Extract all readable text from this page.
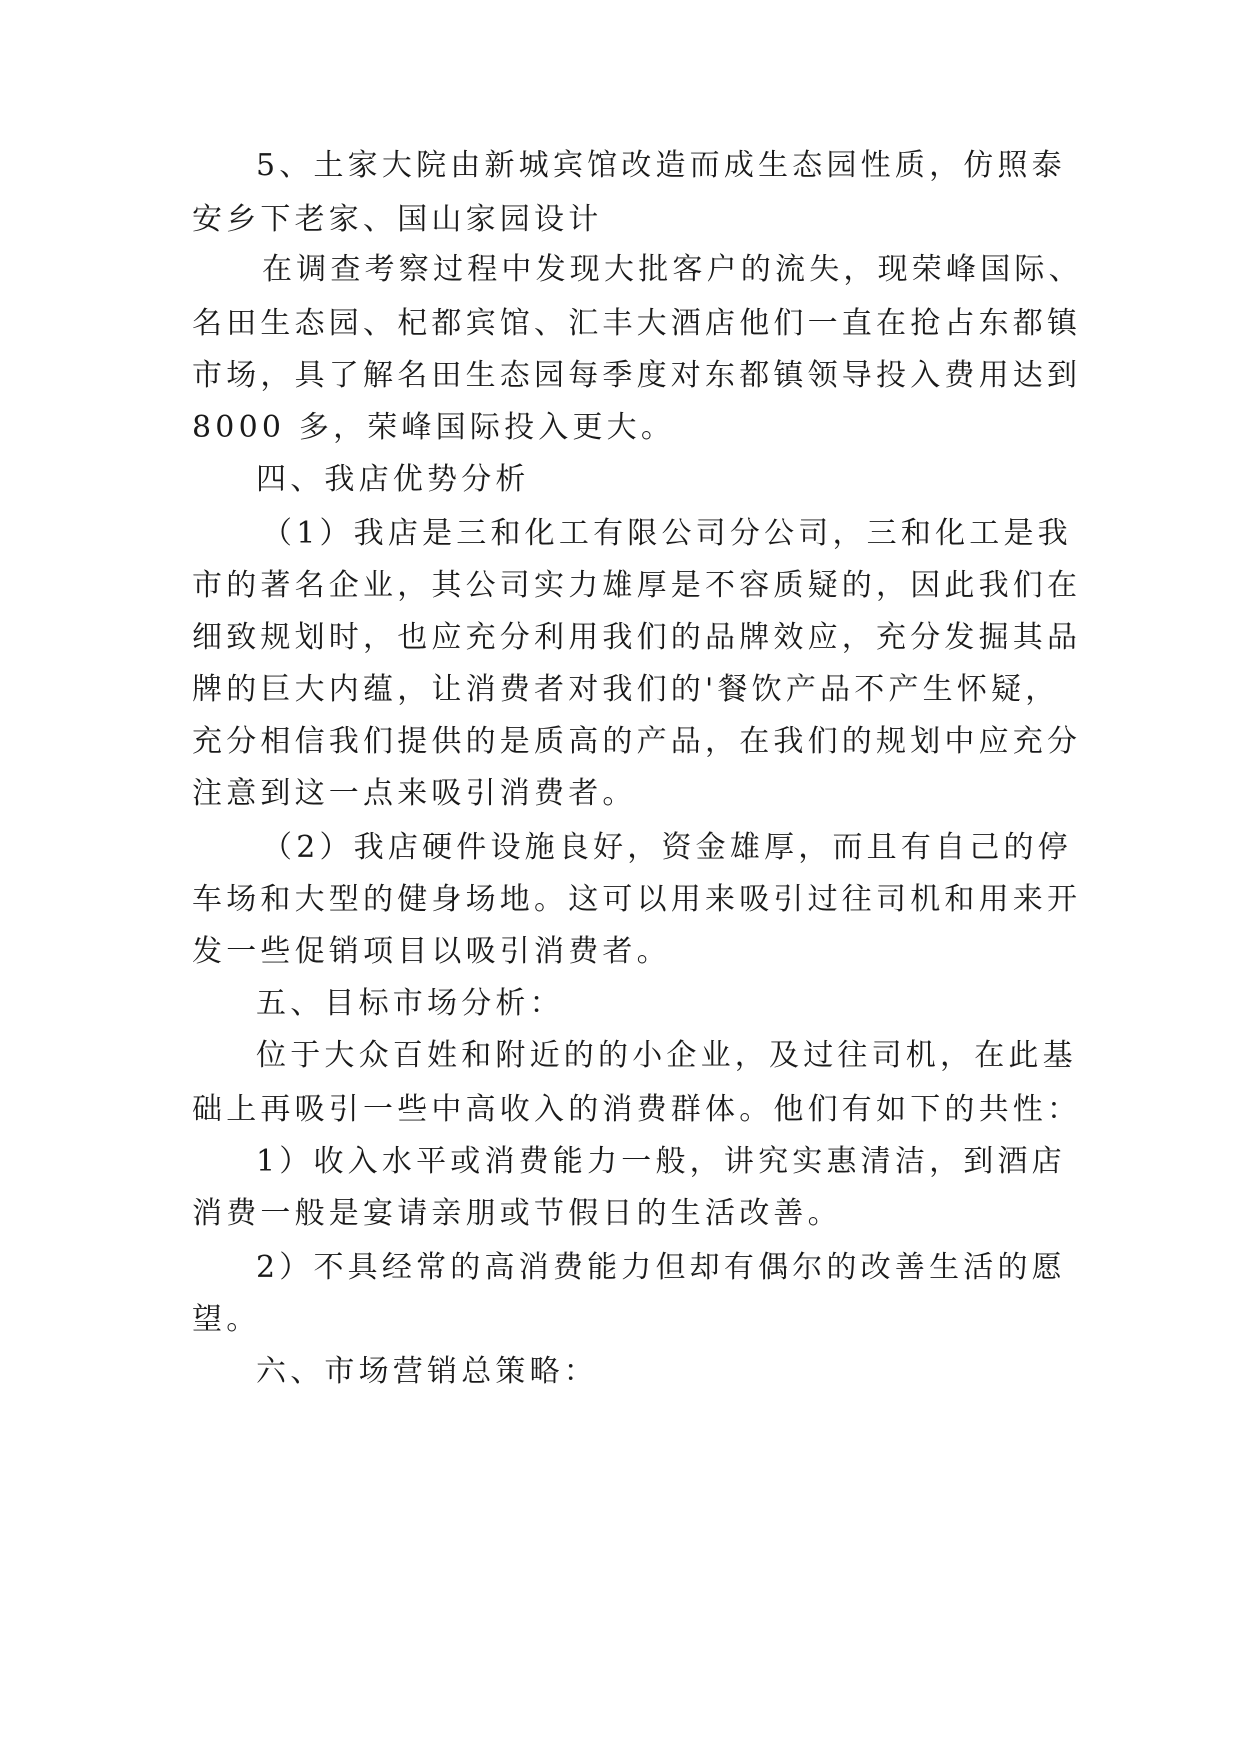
5、土家大院由新城宾馆改造而成生态园性质，仿照泰
安乡下老家、国山家园设计
在调查考察过程中发现大批客户的流失，现荣峰国际、
名田生态园、杞都宾馆、汇丰大酒店他们一直在抢占东都镇
市场，具了解名田生态园每季度对东都镇领导投入费用达到
8000 多，荣峰国际投入更大。
四、我店优势分析
（1）我店是三和化工有限公司分公司，三和化工是我
市的著名企业，其公司实力雄厚是不容质疑的，因此我们在
细致规划时，也应充分利用我们的品牌效应，充分发掘其品
牌的巨大内蕴，让消费者对我们的'餐饮产品不产生怀疑，
充分相信我们提供的是质高的产品，在我们的规划中应充分
注意到这一点来吸引消费者。
（2）我店硬件设施良好，资金雄厚，而且有自己的停
车场和大型的健身场地。这可以用来吸引过往司机和用来开
发一些促销项目以吸引消费者。
五、目标市场分析：
位于大众百姓和附近的的小企业，及过往司机，在此基
础上再吸引一些中高收入的消费群体。他们有如下的共性：
1）收入水平或消费能力一般，讲究实惠清洁，到酒店
消费一般是宴请亲朋或节假日的生活改善。
2）不具经常的高消费能力但却有偶尔的改善生活的愿
望。
六、市场营销总策略：
